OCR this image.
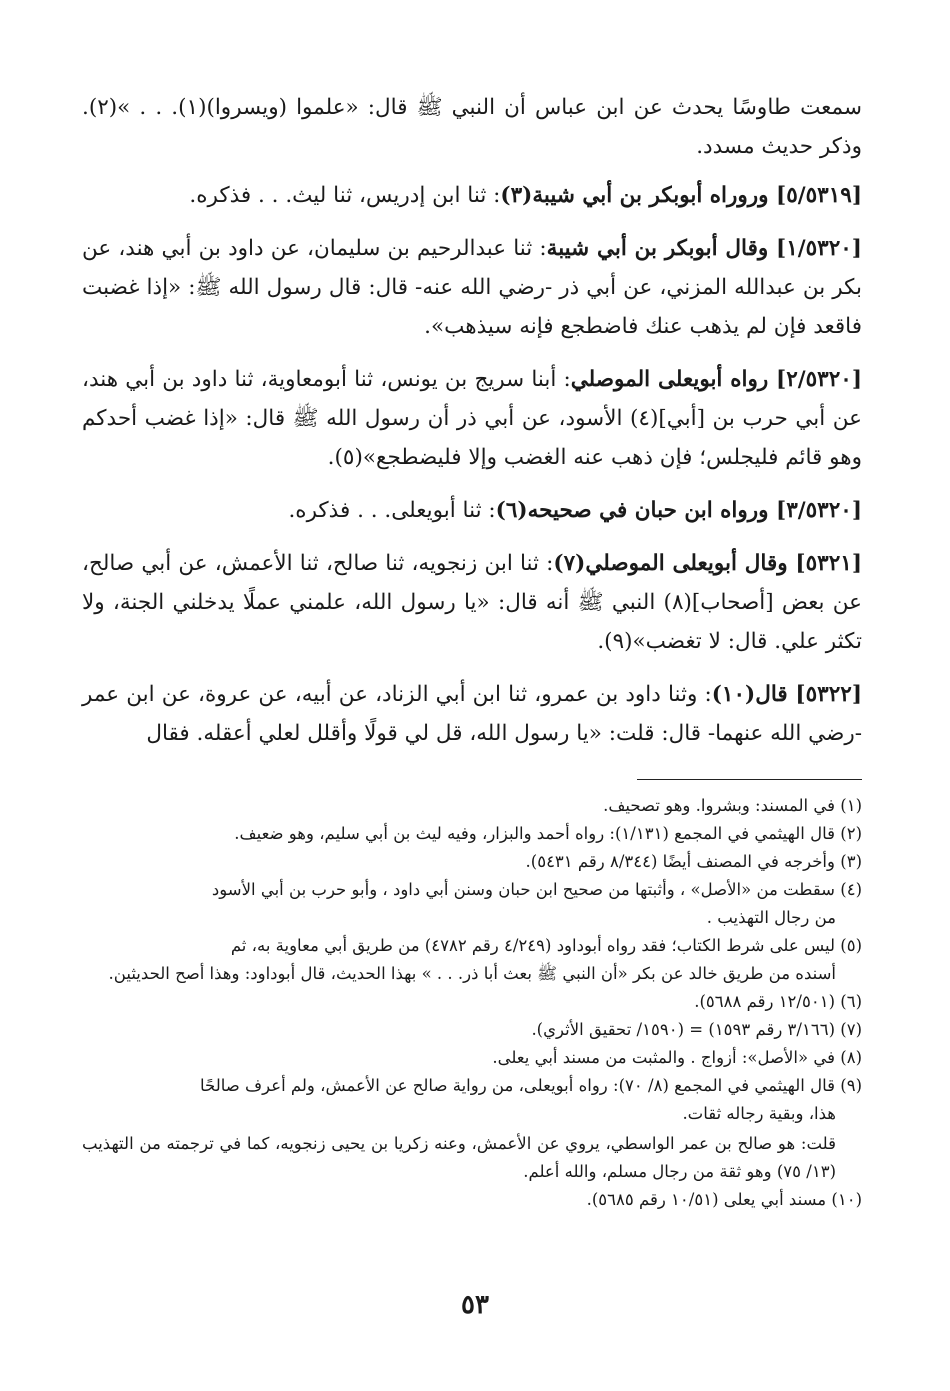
سمعت طاوسًا يحدث عن ابن عباس أن النبي ﷺ قال: «علموا (ويسروا)(١). . . »(٢). وذكر حديث مسدد.

[٥/٥٣١٩] وروراه أبوبكر بن أبي شيبة(٣): ثنا ابن إدريس، ثنا ليث. . . فذكره.

[١/٥٣٢٠] وقال أبوبكر بن أبي شيبة: ثنا عبدالرحيم بن سليمان، عن داود بن أبي هند، عن بكر بن عبدالله المزني، عن أبي ذر -رضي الله عنه- قال: قال رسول الله ﷺ: «إذا غضبت فاقعد فإن لم يذهب عنك فاضطجع فإنه سيذهب».

[٢/٥٣٢٠] رواه أبويعلى الموصلي: أبنا سريج بن يونس، ثنا أبومعاوية، ثنا داود بن أبي هند، عن أبي حرب بن [أبي](٤) الأسود، عن أبي ذر أن رسول الله ﷺ قال: «إذا غضب أحدكم وهو قائم فليجلس؛ فإن ذهب عنه الغضب وإلا فليضطجع»(٥).

[٣/٥٣٢٠] ورواه ابن حبان في صحيحه(٦): ثنا أبويعلى. . . فذكره.

[٥٣٢١] وقال أبويعلى الموصلي(٧): ثنا ابن زنجويه، ثنا صالح، ثنا الأعمش، عن أبي صالح، عن بعض [أصحاب](٨) النبي ﷺ أنه قال: «يا رسول الله، علمني عملًا يدخلني الجنة، ولا تكثر علي. قال: لا تغضب»(٩).

[٥٣٢٢] قال(١٠): وثنا داود بن عمرو، ثنا ابن أبي الزناد، عن أبيه، عن عروة، عن ابن عمر -رضي الله عنهما- قال: قلت: «يا رسول الله، قل لي قولًا وأقلل لعلي أعقله. فقال

(١) في المسند: وبشروا. وهو تصحيف.

(٢) قال الهيثمي في المجمع (١/١٣١): رواه أحمد والبزار، وفيه ليث بن أبي سليم، وهو ضعيف.

(٣) وأخرجه في المصنف أيضًا (٨/٣٤٤ رقم ٥٤٣١).

(٤) سقطت من «الأصل» ، وأثبتها من صحيح ابن حبان وسنن أبي داود ، وأبو حرب بن أبي الأسود
من رجال التهذيب .

(٥) ليس على شرط الكتاب؛ فقد رواه أبوداود (٤/٢٤٩ رقم ٤٧٨٢) من طريق أبي معاوية به، ثم
أسنده من طريق خالد عن بكر «أن النبي ﷺ بعث أبا ذر. . . » بهذا الحديث، قال أبوداود: وهذا أصح الحديثين.

(٦) (١٢/٥٠١ رقم ٥٦٨٨).

(٧) (٣/١٦٦ رقم ١٥٩٣) = (١٥٩٠/ تحقيق الأثري).

(٨) في «الأصل»: أزواج . والمثبت من مسند أبي يعلى.

(٩) قال الهيثمي في المجمع (٨/ ٧٠): رواه أبويعلى، من رواية صالح عن الأعمش، ولم أعرف صالحًا
هذا، وبقية رجاله ثقات.

قلت: هو صالح بن عمر الواسطي، يروي عن الأعمش، وعنه زكريا بن يحيى زنجويه، كما في ترجمته من التهذيب (١٣/ ٧٥) وهو ثقة من رجال مسلم، والله أعلم.

(١٠) مسند أبي يعلى (١٠/٥١ رقم ٥٦٨٥).

٥٣
